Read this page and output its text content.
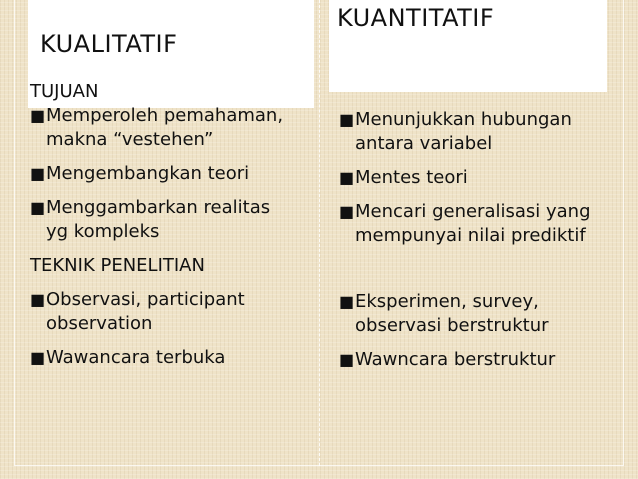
KUALITATIF
KUANTITATIF
TUJUAN
■ Memperoleh pemahaman,
makna “vestehen”
■ Mengembangkan teori
■ Menggambarkan realitas
yg kompleks
TEKNIK PENELITIAN
■ Observasi, participant
observation
■ Wawancara terbuka
■ Menunjukkan hubungan
antara variabel
■ Mentes teori
■ Mencari generalisasi yang
mempunyai nilai prediktif
■ Eksperimen, survey,
observasi berstruktur
■ Wawncara berstruktur
